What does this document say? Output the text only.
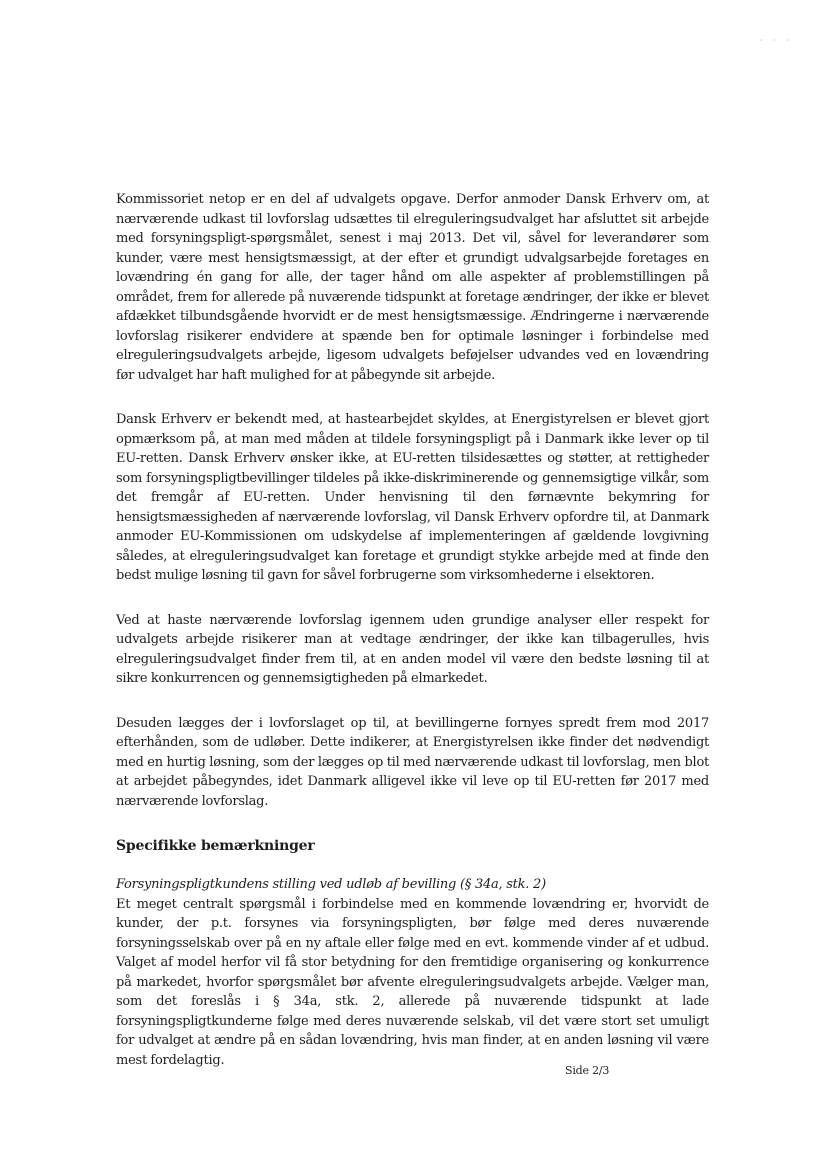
· · ·

Kommissoriet netop er en del af udvalgets opgave. Derfor anmoder Dansk Erhverv om, at nærværende udkast til lovforslag udsættes til elreguleringsudvalget har afsluttet sit arbejde med forsyningspligt-spørgsmålet, senest i maj 2013. Det vil, såvel for leverandører som kunder, være mest hensigtsmæssigt, at der efter et grundigt udvalgsarbejde foretages en lovændring én gang for alle, der tager hånd om alle aspekter af problemstillingen på området, frem for allerede på nuværende tidspunkt at foretage ændringer, der ikke er blevet afdækket tilbundsgående hvorvidt er de mest hensigtsmæssige. Ændringerne i nærværende lovforslag risikerer endvidere at spænde ben for optimale løsninger i forbindelse med elreguleringsudvalgets arbejde, ligesom udvalgets beføjelser udvandes ved en lovændring før udvalget har haft mulighed for at påbegynde sit arbejde.

Dansk Erhverv er bekendt med, at hastearbejdet skyldes, at Energistyrelsen er blevet gjort opmærksom på, at man med måden at tildele forsyningspligt på i Danmark ikke lever op til EU-retten. Dansk Erhverv ønsker ikke, at EU-retten tilsidesættes og støtter, at rettigheder som forsyningspligtbevillinger tildeles på ikke-diskriminerende og gennemsigtige vilkår, som det fremgår af EU-retten. Under henvisning til den førnævnte bekymring for hensigtsmæssigheden af nærværende lovforslag, vil Dansk Erhverv opfordre til, at Danmark anmoder EU-Kommissionen om udskydelse af implementeringen af gældende lovgivning således, at elreguleringsudvalget kan foretage et grundigt stykke arbejde med at finde den bedst mulige løsning til gavn for såvel forbrugerne som virksomhederne i elsektoren.

Ved at haste nærværende lovforslag igennem uden grundige analyser eller respekt for udvalgets arbejde risikerer man at vedtage ændringer, der ikke kan tilbagerulles, hvis elreguleringsudvalget finder frem til, at en anden model vil være den bedste løsning til at sikre konkurrencen og gennemsigtigheden på elmarkedet.

Desuden lægges der i lovforslaget op til, at bevillingerne fornyes spredt frem mod 2017 efterhånden, som de udløber. Dette indikerer, at Energistyrelsen ikke finder det nødvendigt med en hurtig løsning, som der lægges op til med nærværende udkast til lovforslag, men blot at arbejdet påbegyndes, idet Danmark alligevel ikke vil leve op til EU-retten før 2017 med nærværende lovforslag.

Specifikke bemærkninger

Forsyningspligtkundens stilling ved udløb af bevilling (§ 34a, stk. 2)

Et meget centralt spørgsmål i forbindelse med en kommende lovændring er, hvorvidt de kunder, der p.t. forsynes via forsyningspligten, bør følge med deres nuværende forsyningsselskab over på en ny aftale eller følge med en evt. kommende vinder af et udbud. Valget af model herfor vil få stor betydning for den fremtidige organisering og konkurrence på markedet, hvorfor spørgsmålet bør afvente elreguleringsudvalgets arbejde. Vælger man, som det foreslås i § 34a, stk. 2, allerede på nuværende tidspunkt at lade forsyningspligtkunderne følge med deres nuværende selskab, vil det være stort set umuligt for udvalget at ændre på en sådan lovændring, hvis man finder, at en anden løsning vil være mest fordelagtig.

Side 2/3
